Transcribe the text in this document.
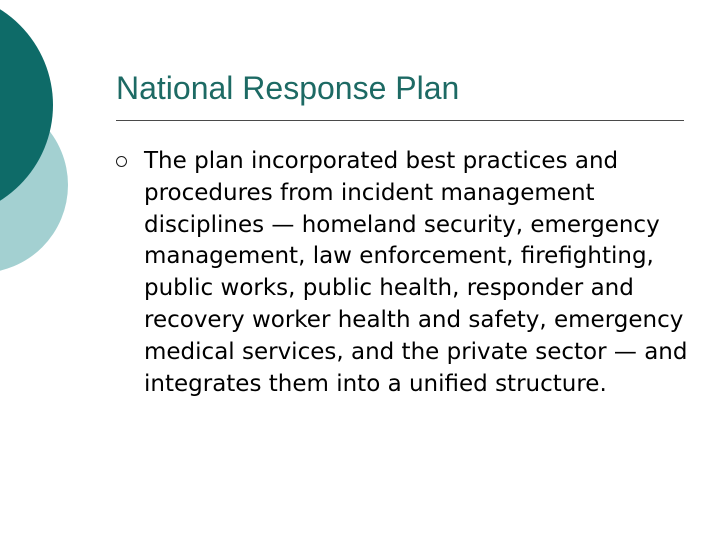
National Response Plan

The plan incorporated best practices and procedures from incident management disciplines — homeland security, emergency management, law enforcement, firefighting, public works, public health, responder and recovery worker health and safety, emergency medical services, and the private sector — and integrates them into a unified structure.
